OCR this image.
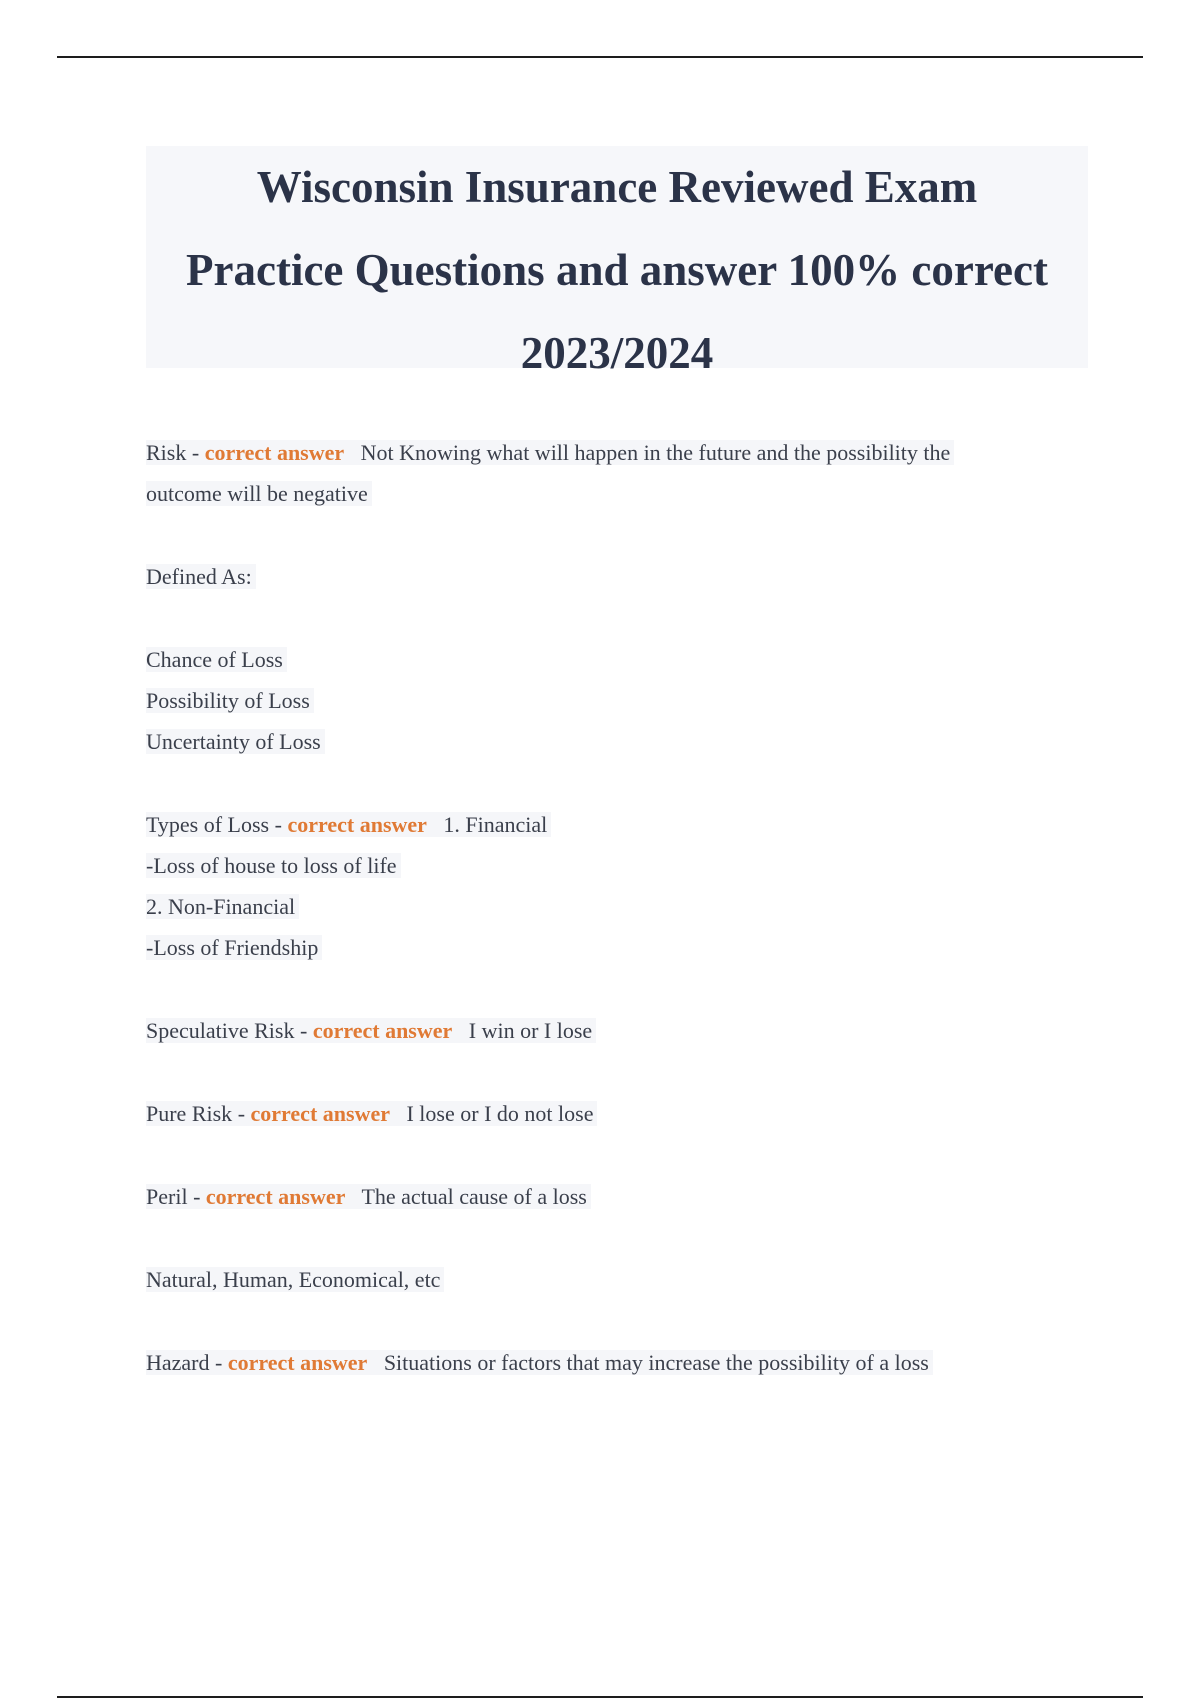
Wisconsin Insurance Reviewed Exam
Practice Questions and answer 100% correct
2023/2024
Risk - correct answer Not Knowing what will happen in the future and the possibility the
outcome will be negative
Defined As:
Chance of Loss
Possibility of Loss
Uncertainty of Loss
Types of Loss - correct answer 1. Financial
-Loss of house to loss of life
2. Non-Financial
-Loss of Friendship
Speculative Risk - correct answer I win or I lose
Pure Risk - correct answer I lose or I do not lose
Peril - correct answer The actual cause of a loss
Natural, Human, Economical, etc
Hazard - correct answer Situations or factors that may increase the possibility of a loss
